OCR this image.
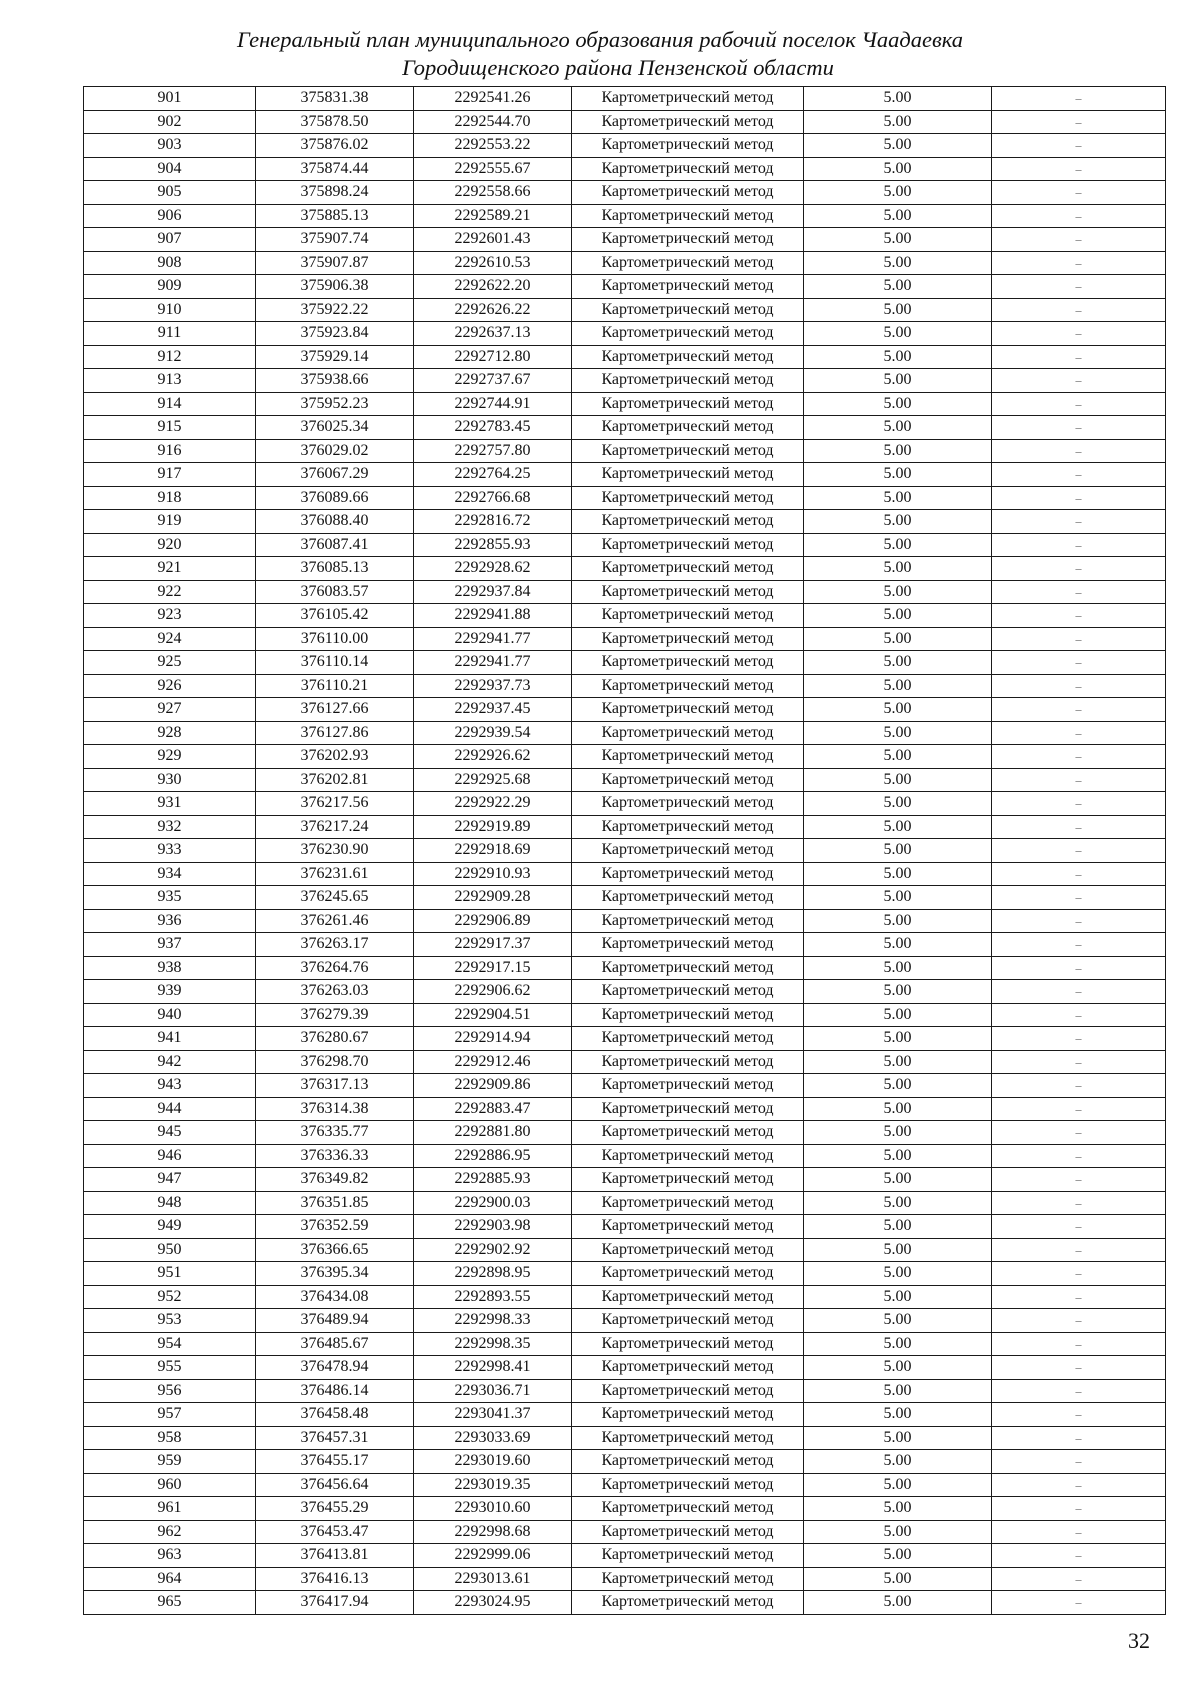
Генеральный план муниципального образования рабочий поселок Чаадаевка
Городищенского района Пензенской области
901	375831.38	2292541.26	Картометрический метод	5.00	–
902	375878.50	2292544.70	Картометрический метод	5.00	–
903	375876.02	2292553.22	Картометрический метод	5.00	–
904	375874.44	2292555.67	Картометрический метод	5.00	–
905	375898.24	2292558.66	Картометрический метод	5.00	–
906	375885.13	2292589.21	Картометрический метод	5.00	–
907	375907.74	2292601.43	Картометрический метод	5.00	–
908	375907.87	2292610.53	Картометрический метод	5.00	–
909	375906.38	2292622.20	Картометрический метод	5.00	–
910	375922.22	2292626.22	Картометрический метод	5.00	–
911	375923.84	2292637.13	Картометрический метод	5.00	–
912	375929.14	2292712.80	Картометрический метод	5.00	–
913	375938.66	2292737.67	Картометрический метод	5.00	–
914	375952.23	2292744.91	Картометрический метод	5.00	–
915	376025.34	2292783.45	Картометрический метод	5.00	–
916	376029.02	2292757.80	Картометрический метод	5.00	–
917	376067.29	2292764.25	Картометрический метод	5.00	–
918	376089.66	2292766.68	Картометрический метод	5.00	–
919	376088.40	2292816.72	Картометрический метод	5.00	–
920	376087.41	2292855.93	Картометрический метод	5.00	–
921	376085.13	2292928.62	Картометрический метод	5.00	–
922	376083.57	2292937.84	Картометрический метод	5.00	–
923	376105.42	2292941.88	Картометрический метод	5.00	–
924	376110.00	2292941.77	Картометрический метод	5.00	–
925	376110.14	2292941.77	Картометрический метод	5.00	–
926	376110.21	2292937.73	Картометрический метод	5.00	–
927	376127.66	2292937.45	Картометрический метод	5.00	–
928	376127.86	2292939.54	Картометрический метод	5.00	–
929	376202.93	2292926.62	Картометрический метод	5.00	–
930	376202.81	2292925.68	Картометрический метод	5.00	–
931	376217.56	2292922.29	Картометрический метод	5.00	–
932	376217.24	2292919.89	Картометрический метод	5.00	–
933	376230.90	2292918.69	Картометрический метод	5.00	–
934	376231.61	2292910.93	Картометрический метод	5.00	–
935	376245.65	2292909.28	Картометрический метод	5.00	–
936	376261.46	2292906.89	Картометрический метод	5.00	–
937	376263.17	2292917.37	Картометрический метод	5.00	–
938	376264.76	2292917.15	Картометрический метод	5.00	–
939	376263.03	2292906.62	Картометрический метод	5.00	–
940	376279.39	2292904.51	Картометрический метод	5.00	–
941	376280.67	2292914.94	Картометрический метод	5.00	–
942	376298.70	2292912.46	Картометрический метод	5.00	–
943	376317.13	2292909.86	Картометрический метод	5.00	–
944	376314.38	2292883.47	Картометрический метод	5.00	–
945	376335.77	2292881.80	Картометрический метод	5.00	–
946	376336.33	2292886.95	Картометрический метод	5.00	–
947	376349.82	2292885.93	Картометрический метод	5.00	–
948	376351.85	2292900.03	Картометрический метод	5.00	–
949	376352.59	2292903.98	Картометрический метод	5.00	–
950	376366.65	2292902.92	Картометрический метод	5.00	–
951	376395.34	2292898.95	Картометрический метод	5.00	–
952	376434.08	2292893.55	Картометрический метод	5.00	–
953	376489.94	2292998.33	Картометрический метод	5.00	–
954	376485.67	2292998.35	Картометрический метод	5.00	–
955	376478.94	2292998.41	Картометрический метод	5.00	–
956	376486.14	2293036.71	Картометрический метод	5.00	–
957	376458.48	2293041.37	Картометрический метод	5.00	–
958	376457.31	2293033.69	Картометрический метод	5.00	–
959	376455.17	2293019.60	Картометрический метод	5.00	–
960	376456.64	2293019.35	Картометрический метод	5.00	–
961	376455.29	2293010.60	Картометрический метод	5.00	–
962	376453.47	2292998.68	Картометрический метод	5.00	–
963	376413.81	2292999.06	Картометрический метод	5.00	–
964	376416.13	2293013.61	Картометрический метод	5.00	–
965	376417.94	2293024.95	Картометрический метод	5.00	–
32
